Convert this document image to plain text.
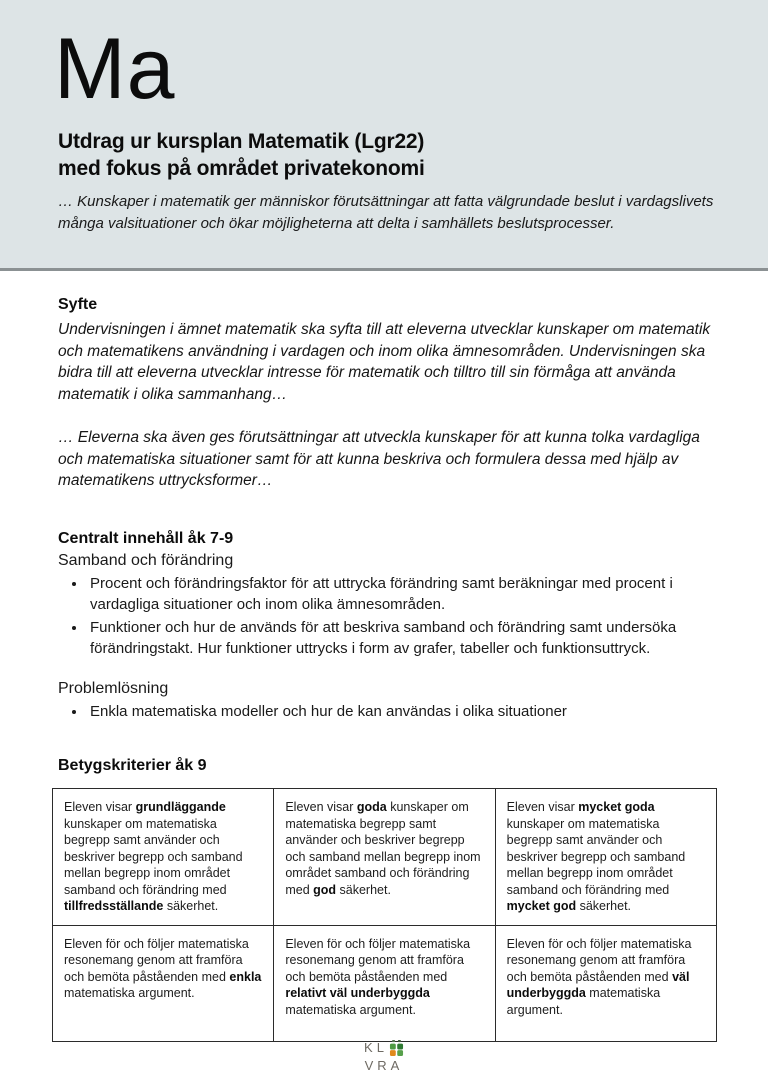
Ma
Utdrag ur kursplan Matematik (Lgr22)
med fokus på området privatekonomi
… Kunskaper i matematik ger människor förutsättningar att fatta välgrundade beslut i vardagslivets många valsituationer och ökar möjligheterna att delta i samhällets beslutsprocesser.
Syfte

Undervisningen i ämnet matematik ska syfta till att eleverna utvecklar kunskaper om matematik och matematikens användning i vardagen och inom olika ämnesområden. Undervisningen ska bidra till att eleverna utvecklar intresse för matematik och tilltro till sin förmåga att använda matematik i olika sammanhang…

… Eleverna ska även ges förutsättningar att utveckla kunskaper för att kunna tolka vardagliga och matematiska situationer samt för att kunna beskriva och formulera dessa med hjälp av matematikens uttrycksformer…

Centralt innehåll åk 7-9
Samband och förändring
• Procent och förändringsfaktor för att uttrycka förändring samt beräkningar med procent i vardagliga situationer och inom olika ämnesområden.
• Funktioner och hur de används för att beskriva samband och förändring samt undersöka förändringstakt. Hur funktioner uttrycks i form av grafer, tabeller och funktionsuttryck.
Problemlösning
• Enkla matematiska modeller och hur de kan användas i olika situationer
Betygskriterier åk 9
Eleven visar grundläggande kunskaper om matematiska begrepp samt använder och beskriver begrepp och samband mellan begrepp inom området samband och förändring med tillfredsställande säkerhet.	Eleven visar goda kunskaper om matematiska begrepp samt använder och beskriver begrepp och samband mellan begrepp inom området samband och förändring med god säkerhet.	Eleven visar mycket goda kunskaper om matematiska begrepp samt använder och beskriver begrepp och samband mellan begrepp inom området samband och förändring med mycket god säkerhet.
Eleven för och följer matematiska resonemang genom att framföra och bemöta påståenden med enkla matematiska argument.	Eleven för och följer matematiska resonemang genom att framföra och bemöta påståenden med relativt väl underbyggda matematiska argument.	Eleven för och följer matematiska resonemang genom att framföra och bemöta påståenden med väl underbyggda matematiska argument.
KL
VRA
